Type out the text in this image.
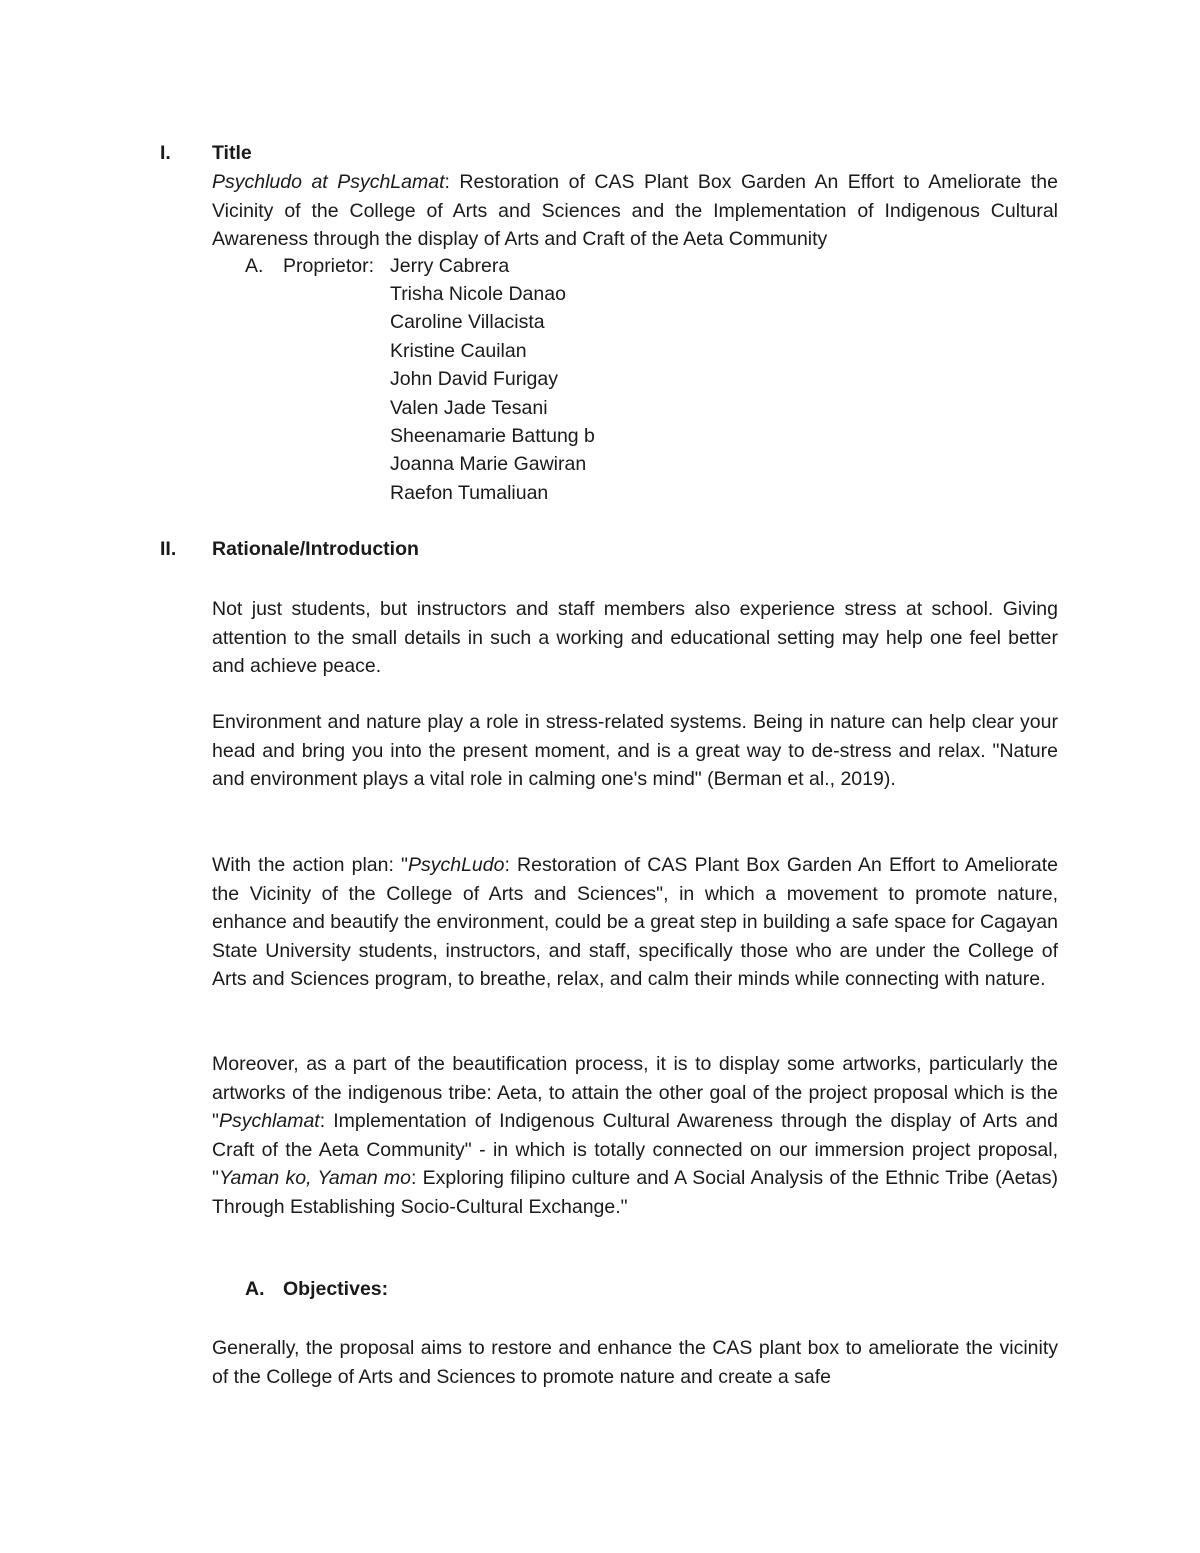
I. Title
Psychludo at PsychLamat: Restoration of CAS Plant Box Garden An Effort to Ameliorate the Vicinity of the College of Arts and Sciences and the Implementation of Indigenous Cultural Awareness through the display of Arts and Craft of the Aeta Community
A. Proprietor: Jerry Cabrera
Trisha Nicole Danao
Caroline Villacista
Kristine Cauilan
John David Furigay
Valen Jade Tesani
Sheenamarie Battung b
Joanna Marie Gawiran
Raefon Tumaliuan
II. Rationale/Introduction
Not just students, but instructors and staff members also experience stress at school. Giving attention to the small details in such a working and educational setting may help one feel better and achieve peace.
Environment and nature play a role in stress-related systems. Being in nature can help clear your head and bring you into the present moment, and is a great way to de-stress and relax. "Nature and environment plays a vital role in calming one's mind" (Berman et al., 2019).
With the action plan: "PsychLudo: Restoration of CAS Plant Box Garden An Effort to Ameliorate the Vicinity of the College of Arts and Sciences", in which a movement to promote nature, enhance and beautify the environment, could be a great step in building a safe space for Cagayan State University students, instructors, and staff, specifically those who are under the College of Arts and Sciences program, to breathe, relax, and calm their minds while connecting with nature.
Moreover, as a part of the beautification process, it is to display some artworks, particularly the artworks of the indigenous tribe: Aeta, to attain the other goal of the project proposal which is the "Psychlamat: Implementation of Indigenous Cultural Awareness through the display of Arts and Craft of the Aeta Community" - in which is totally connected on our immersion project proposal, "Yaman ko, Yaman mo: Exploring filipino culture and A Social Analysis of the Ethnic Tribe (Aetas) Through Establishing Socio-Cultural Exchange."
A. Objectives:
Generally, the proposal aims to restore and enhance the CAS plant box to ameliorate the vicinity of the College of Arts and Sciences to promote nature and create a safe
